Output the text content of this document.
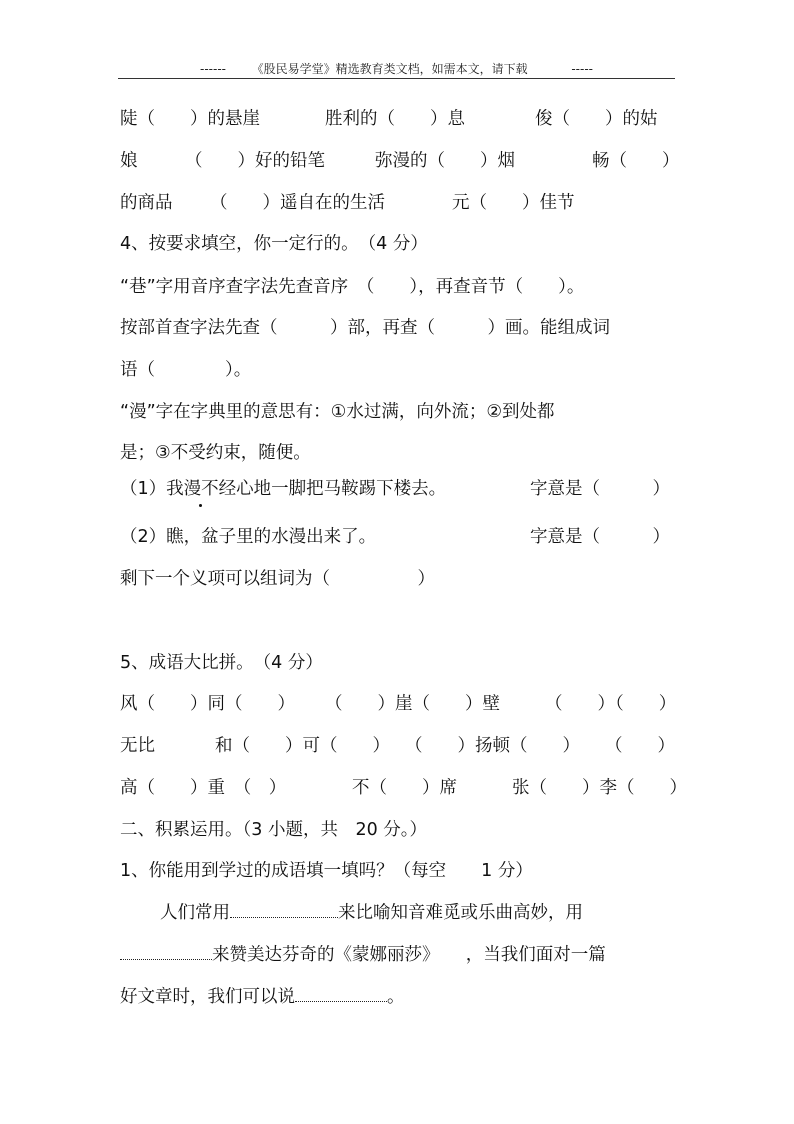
------ 《股民易学堂》精选教育类文档，如需本文，请下载	-----
陡（　　）的悬崖	胜利的（　　）息	俊（　　）的姑
娘	（　　）好的铅笔	弥漫的（　　）烟	畅（　　）
的商品 （　　）遥自在的生活	元（　　）佳节
4、按要求填空，你一定行的。　（4 分）
“巷”字用音序查字法先查音序　（　　），再查音节（　　）。
按部首查字法先查（　　　）部，再查（　　　）画。能组成词
语（　　　　）。
“漫”字在字典里的意思有：①水过满，向外流；②到处都
是；③不受约束，随便。
（1）我漫不经心地一脚把马鞍踢下楼去。	字意是（　　　）
（2）瞧，盆子里的水漫出来了。	字意是（　　　）
剩下一个义项可以组词为（　　　　　）
5、成语大比拼。　（4 分）
风（　　）同（　　） （　　）崖（　　）壁	（　　）（　　）
无比	和（　　）可（　　） （　　）扬顿（　　） （　　）
高（　　）重　（　）	不（　　）席	张（　　）李（　　）
二、积累运用。（3 小题，共　20 分。）
1、你能用到学过的成语填一填吗？（每空　　1 分）
人们常用	来比喻知音难觅或乐曲高妙，用
来赞美达芬奇的《蒙娜丽莎》　　，当我们面对一篇
好文章时，我们可以说	。
